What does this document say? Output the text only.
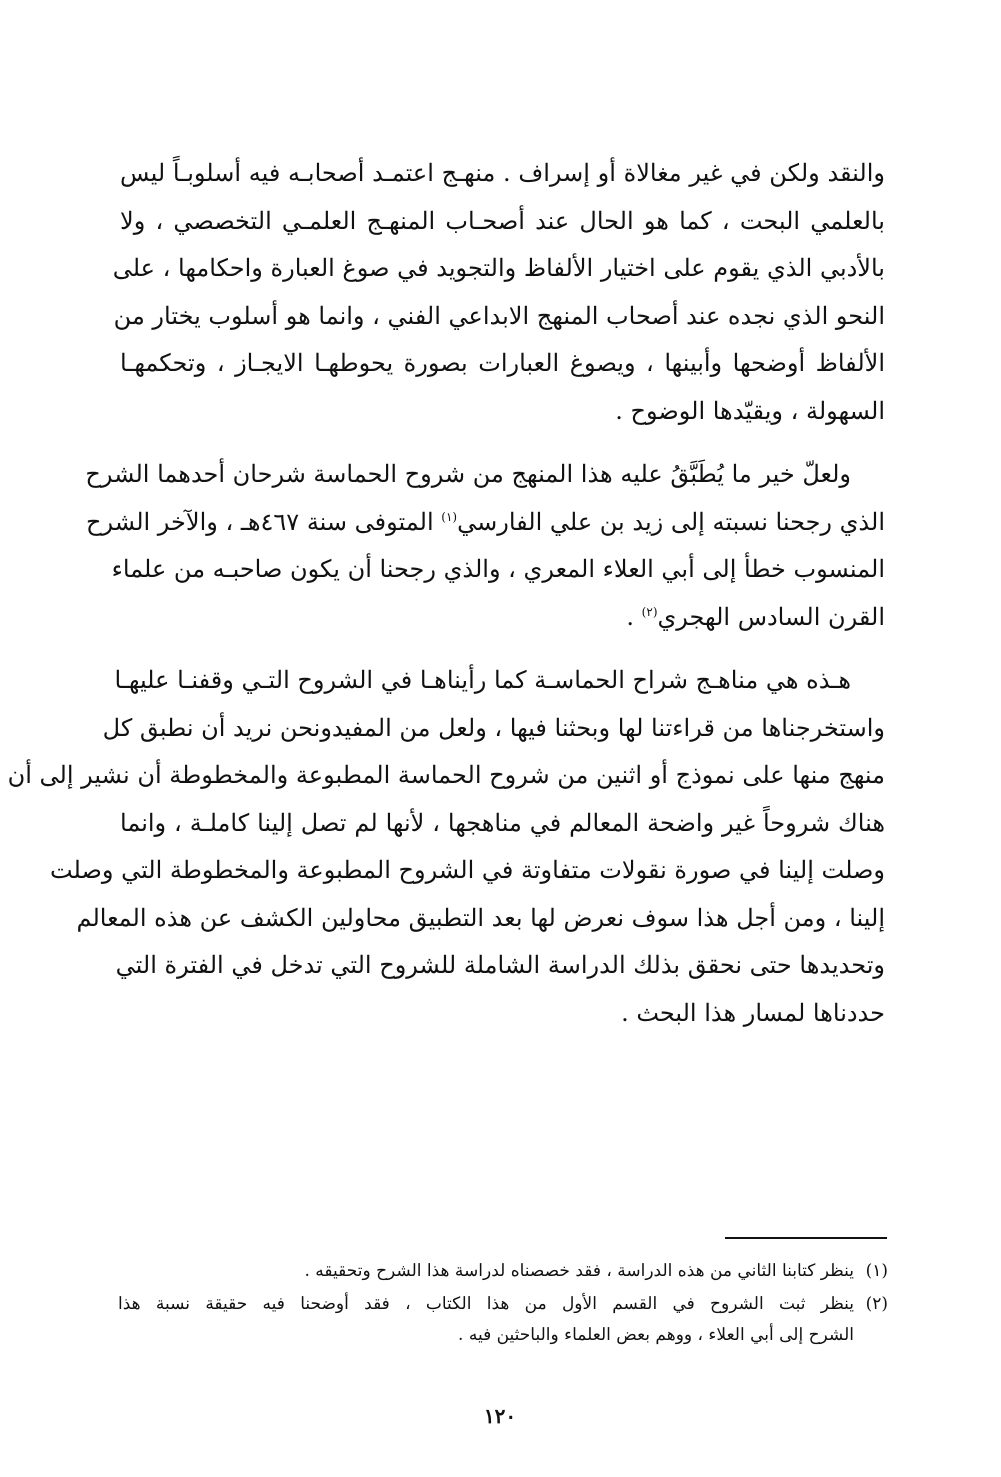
والنقد ولكن في غير مغالاة أو إسراف . منهـج اعتمـد أصحابـه فيه أسلوبـاً ليس
بالعلمي البحت ، كما هو الحال عند أصحـاب المنهـج العلمـي التخصصي ، ولا
بالأدبي الذي يقوم على اختيار الألفاظ والتجويد في صوغ العبارة واحكامها ، على
النحو الذي نجده عند أصحاب المنهج الابداعي الفني ، وانما هو أسلوب يختار من
الألفاظ أوضحها وأبينها ، ويصوغ العبارات بصورة يحوطهـا الايجـاز ، وتحكمهـا
السهولة ، ويقيّدها الوضوح .

ولعلّ خير ما يُطَبَّقُ عليه هذا المنهج من شروح الحماسة شرحان أحدهما الشرح
الذي رجحنا نسبته إلى زيد بن علي الفارسي$^{(١)}$ المتوفى سنة ٤٦٧هـ ، والآخر الشرح
المنسوب خطأ إلى أبي العلاء المعري ، والذي رجحنا أن يكون صاحبـه من علماء
القرن السادس الهجري$^{(٢)}$ .

هـذه هي مناهـج شراح الحماسـة كما رأيناهـا في الشروح التـي وقفنـا عليهـا
واستخرجناها من قراءتنا لها وبحثنا فيها ، ولعل من المفيدونحن نريد أن نطبق كل
منهج منها على نموذج أو اثنين من شروح الحماسة المطبوعة والمخطوطة أن نشير إلى أن
هناك شروحاً غير واضحة المعالم في مناهجها ، لأنها لم تصل إلينا كاملـة ، وانما
وصلت إلينا في صورة نقولات متفاوتة في الشروح المطبوعة والمخطوطة التي وصلت
إلينا ، ومن أجل هذا سوف نعرض لها بعد التطبيق محاولين الكشف عن هذه المعالم
وتحديدها حتى نحقق بذلك الدراسة الشاملة للشروح التي تدخل في الفترة التي
حددناها لمسار هذا البحث .

(١)
ينظر كتابنا الثاني من هذه الدراسة ، فقد خصصناه لدراسة هذا الشرح وتحقيقه .
(٢)
ينظر ثبت الشروح في القسم الأول من هذا الكتاب ، فقد أوضحنا فيه حقيقة نسبة هذا
الشرح إلى أبي العلاء ، ووهم بعض العلماء والباحثين فيه .
١٢٠
